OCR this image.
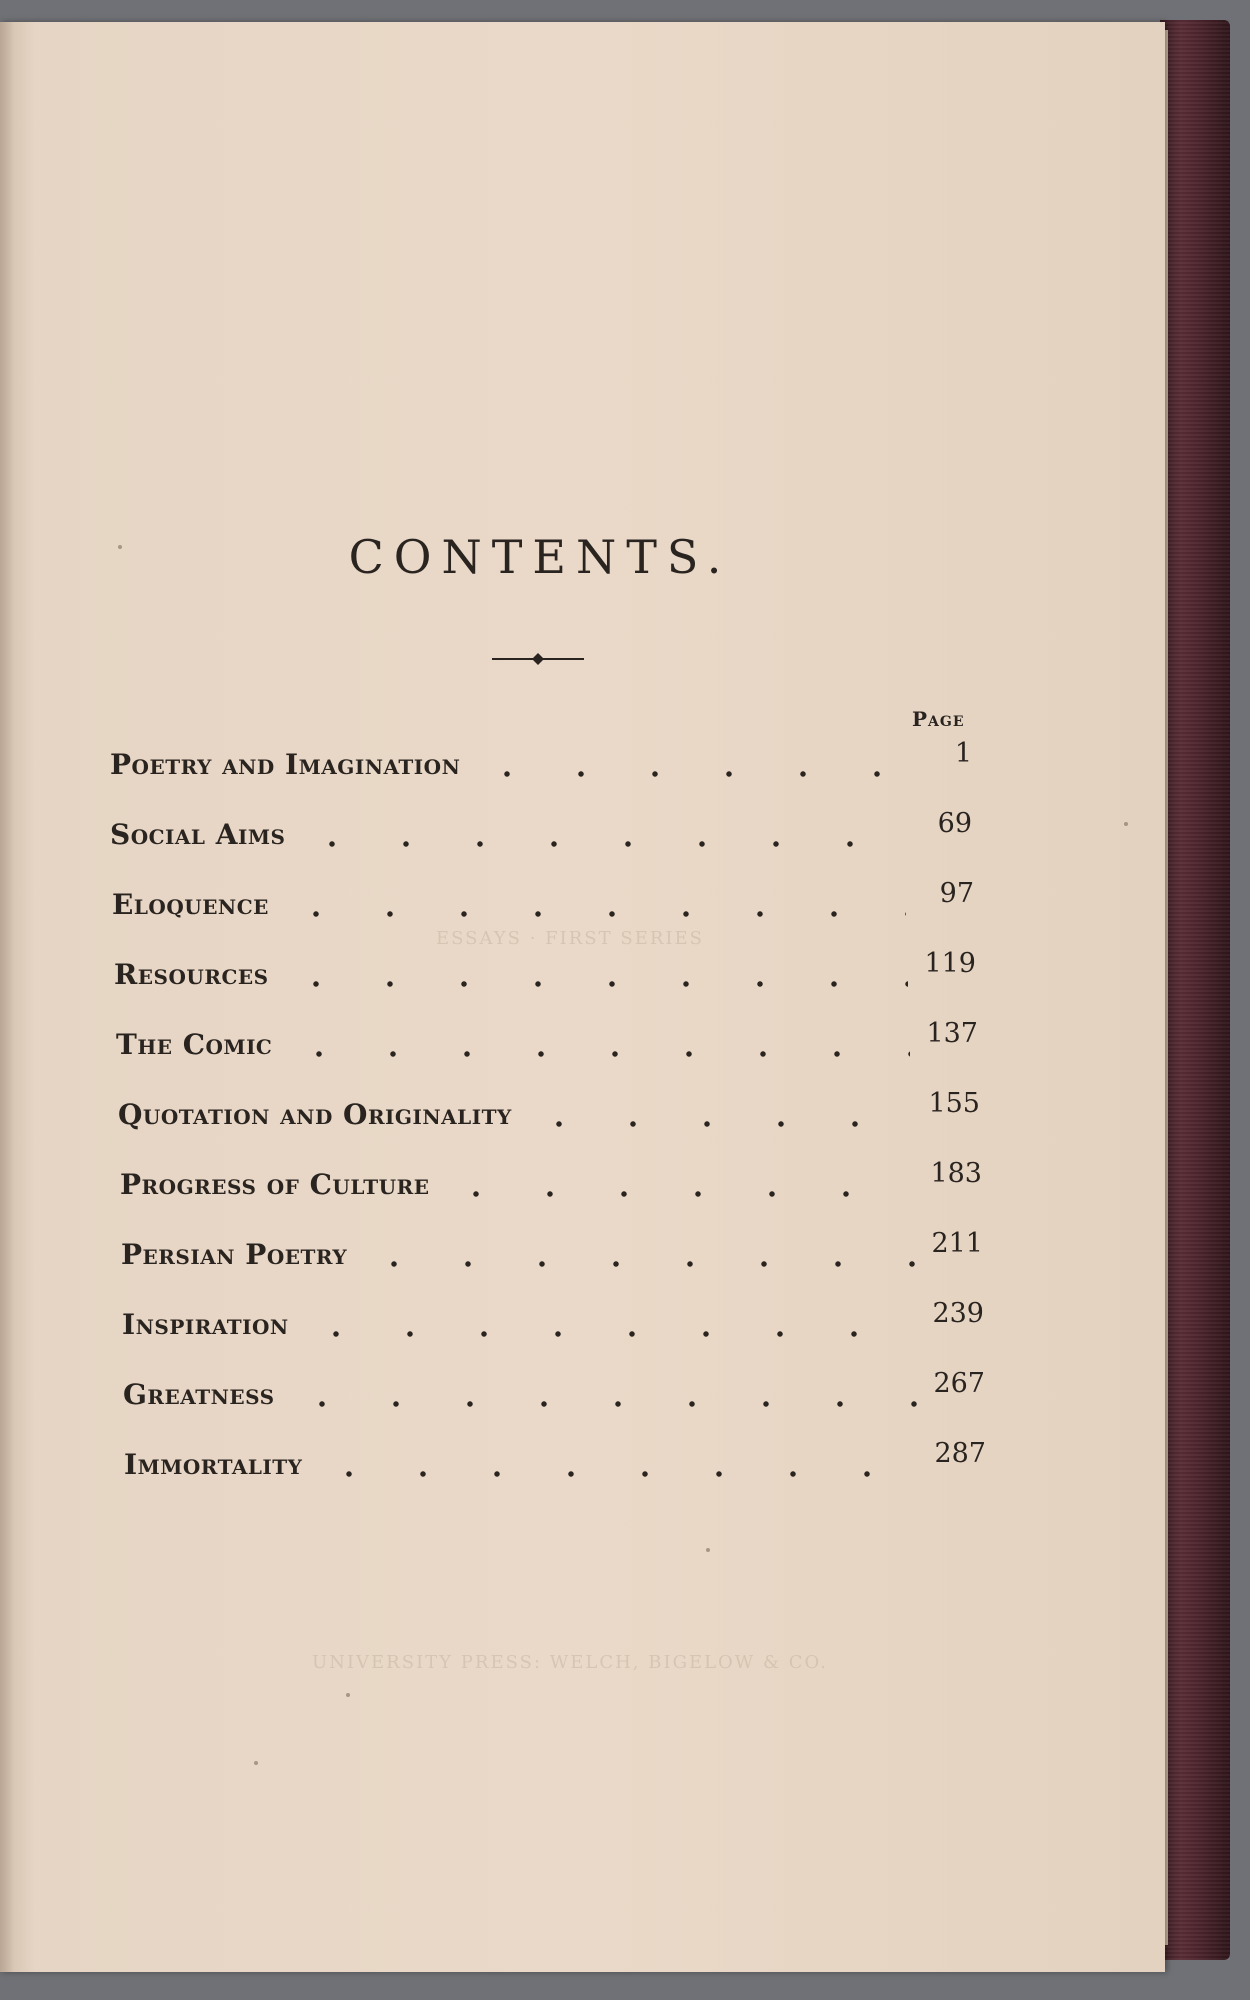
ESSAYS · FIRST SERIES
UNIVERSITY PRESS: WELCH, BIGELOW & CO.
CONTENTS.
Page
Poetry and Imagination	1
Social Aims	69
Eloquence	97
Resources	119
The Comic	137
Quotation and Originality	155
Progress of Culture	183
Persian Poetry	211
Inspiration	239
Greatness	267
Immortality	287
